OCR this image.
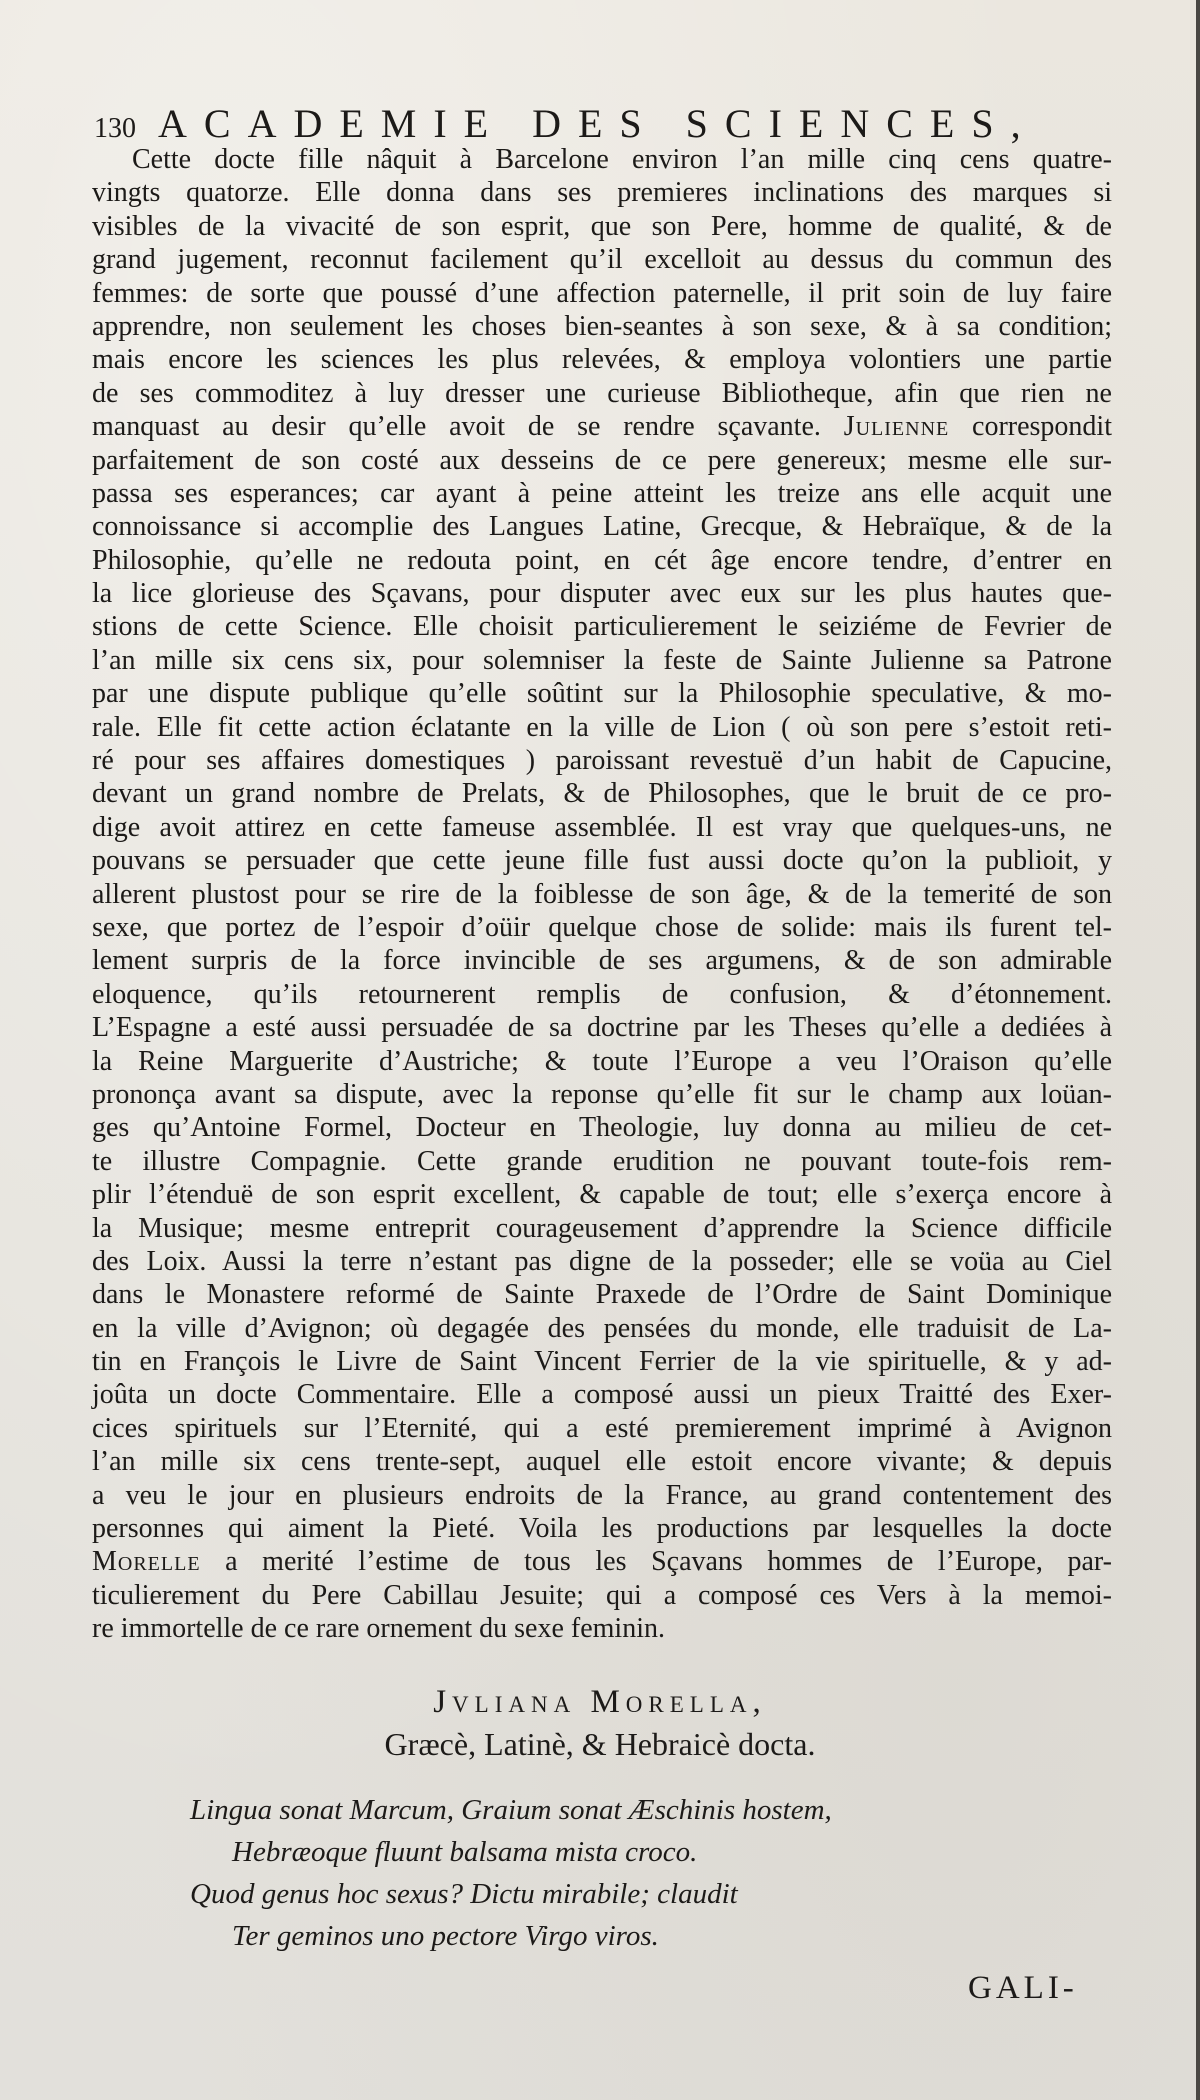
130 ACADEMIE DES SCIENCES,
Cette docte fille nâquit à Barcelone environ l’an mille cinq cens quatre-
vingts quatorze. Elle donna dans ses premieres inclinations des marques si
visibles de la vivacité de son esprit, que son Pere, homme de qualité, & de
grand jugement, reconnut facilement qu’il excelloit au dessus du commun des
femmes: de sorte que poussé d’une affection paternelle, il prit soin de luy faire
apprendre, non seulement les choses bien-seantes à son sexe, & à sa condition;
mais encore les sciences les plus relevées, & employa volontiers une partie
de ses commoditez à luy dresser une curieuse Bibliotheque, afin que rien ne
manquast au desir qu’elle avoit de se rendre sçavante. Julienne correspondit
parfaitement de son costé aux desseins de ce pere genereux; mesme elle sur-
passa ses esperances; car ayant à peine atteint les treize ans elle acquit une
connoissance si accomplie des Langues Latine, Grecque, & Hebraïque, & de la
Philosophie, qu’elle ne redouta point, en cét âge encore tendre, d’entrer en
la lice glorieuse des Sçavans, pour disputer avec eux sur les plus hautes que-
stions de cette Science. Elle choisit particulierement le seiziéme de Fevrier de
l’an mille six cens six, pour solemniser la feste de Sainte Julienne sa Patrone
par une dispute publique qu’elle soûtint sur la Philosophie speculative, & mo-
rale. Elle fit cette action éclatante en la ville de Lion ( où son pere s’estoit reti-
ré pour ses affaires domestiques ) paroissant revestuë d’un habit de Capucine,
devant un grand nombre de Prelats, & de Philosophes, que le bruit de ce pro-
dige avoit attirez en cette fameuse assemblée. Il est vray que quelques-uns, ne
pouvans se persuader que cette jeune fille fust aussi docte qu’on la publioit, y
allerent plustost pour se rire de la foiblesse de son âge, & de la temerité de son
sexe, que portez de l’espoir d’oüir quelque chose de solide: mais ils furent tel-
lement surpris de la force invincible de ses argumens, & de son admirable
eloquence, qu’ils retournerent remplis de confusion, & d’étonnement.
L’Espagne a esté aussi persuadée de sa doctrine par les Theses qu’elle a dediées à
la Reine Marguerite d’Austriche; & toute l’Europe a veu l’Oraison qu’elle
prononça avant sa dispute, avec la reponse qu’elle fit sur le champ aux loüan-
ges qu’Antoine Formel, Docteur en Theologie, luy donna au milieu de cet-
te illustre Compagnie. Cette grande erudition ne pouvant toute-fois rem-
plir l’étenduë de son esprit excellent, & capable de tout; elle s’exerça encore à
la Musique; mesme entreprit courageusement d’apprendre la Science difficile
des Loix. Aussi la terre n’estant pas digne de la posseder; elle se voüa au Ciel
dans le Monastere reformé de Sainte Praxede de l’Ordre de Saint Dominique
en la ville d’Avignon; où degagée des pensées du monde, elle traduisit de La-
tin en François le Livre de Saint Vincent Ferrier de la vie spirituelle, & y ad-
joûta un docte Commentaire. Elle a composé aussi un pieux Traitté des Exer-
cices spirituels sur l’Eternité, qui a esté premierement imprimé à Avignon
l’an mille six cens trente-sept, auquel elle estoit encore vivante; & depuis
a veu le jour en plusieurs endroits de la France, au grand contentement des
personnes qui aiment la Pieté. Voila les productions par lesquelles la docte
Morelle a merité l’estime de tous les Sçavans hommes de l’Europe, par-
ticulierement du Pere Cabillau Jesuite; qui a composé ces Vers à la memoi-
re immortelle de ce rare ornement du sexe feminin.
Jvliana Morella,
Græcè, Latinè, & Hebraicè docta.
Lingua sonat Marcum, Graium sonat Æschinis hostem,
Hebræoque fluunt balsama mista croco.
Quod genus hoc sexus? Dictu mirabile; claudit
Ter geminos uno pectore Virgo viros.
GALI-
